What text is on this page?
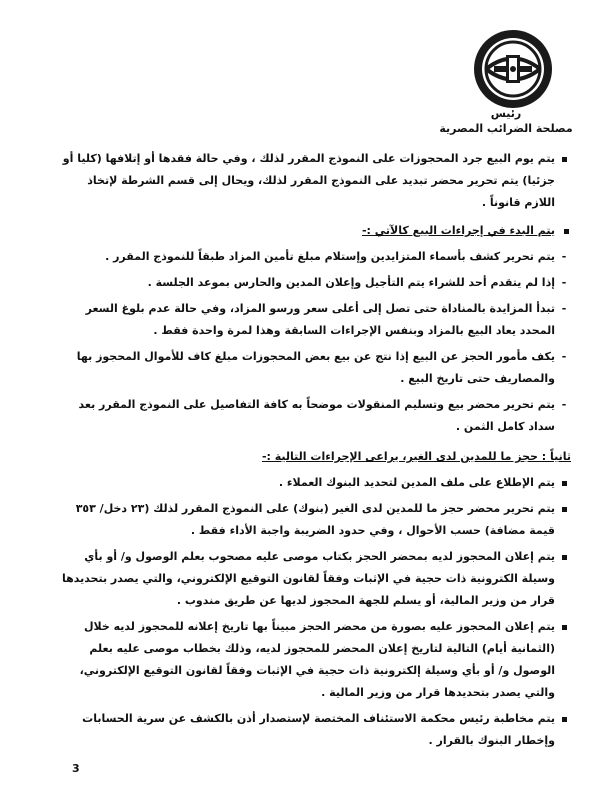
رئيس
مصلحة الضرائب المصرية

يتم يوم البيع جرد المحجوزات على النموذج المقرر لذلك ، وفي حالة فقدها أو إتلافها (كليا أو جزئيا) يتم تحرير محضر تبديد على النموذج المقرر لذلك، ويحال إلى قسم الشرطة لإتخاذ اللازم قانوناً .

يتم البدء في إجراءات البيع كالآتي :-

-
يتم تحرير كشف بأسماء المتزايدين وإستلام مبلغ تأمين المزاد طبقاً للنموذج المقرر .

-
إذا لم يتقدم أحد للشراء يتم التأجيل وإعلان المدين والحارس بموعد الجلسة .

-
تبدأ المزايدة بالمناداة حتى تصل إلى أعلى سعر ورسو المزاد، وفي حالة عدم بلوغ السعر المحدد يعاد البيع بالمزاد وبنفس الإجراءات السابقة وهذا لمرة واحدة فقط .

-
يكف مأمور الحجز عن البيع إذا نتج عن بيع بعض المحجوزات مبلغ كاف للأموال المحجوز بها والمصاريف حتى تاريخ البيع .

-
يتم تحرير محضر بيع وتسليم المنقولات موضحاً به كافة التفاصيل على النموذج المقرر بعد سداد كامل الثمن .

ثانياً : حجز ما للمدين لدى الغير، يراعى الإجراءات التالية :-

يتم الإطلاع على ملف المدين لتحديد البنوك العملاء .

يتم تحرير محضر حجز ما للمدين لدى الغير (بنوك) على النموذج المقرر لذلك (٢٣ دخل/ ٣٥٣ قيمة مضافة) حسب الأحوال ، وفي حدود الضريبة واجبة الأداء فقط .

يتم إعلان المحجوز لديه بمحضر الحجز بكتاب موصى عليه مصحوب بعلم الوصول و/ أو بأي وسيلة الكترونية ذات حجية في الإثبات وفقاً لقانون التوقيع الإلكتروني، والتي يصدر بتحديدها قرار من وزير المالية، أو يسلم للجهة المحجوز لديها عن طريق مندوب .

يتم إعلان المحجوز عليه بصورة من محضر الحجز مبيناً بها تاريخ إعلانه للمحجوز لديه خلال (الثمانية أيام) التالية لتاريخ إعلان المحضر للمحجوز لديه، وذلك بخطاب موصى عليه بعلم الوصول و/ أو بأي وسيلة إلكترونية ذات حجية في الإثبات وفقاً لقانون التوقيع الإلكتروني، والتي يصدر بتحديدها قرار من وزير المالية .

يتم مخاطبة رئيس محكمة الاستئناف المختصة لإستصدار أذن بالكشف عن سرية الحسابات وإخطار البنوك بالقرار .

3
